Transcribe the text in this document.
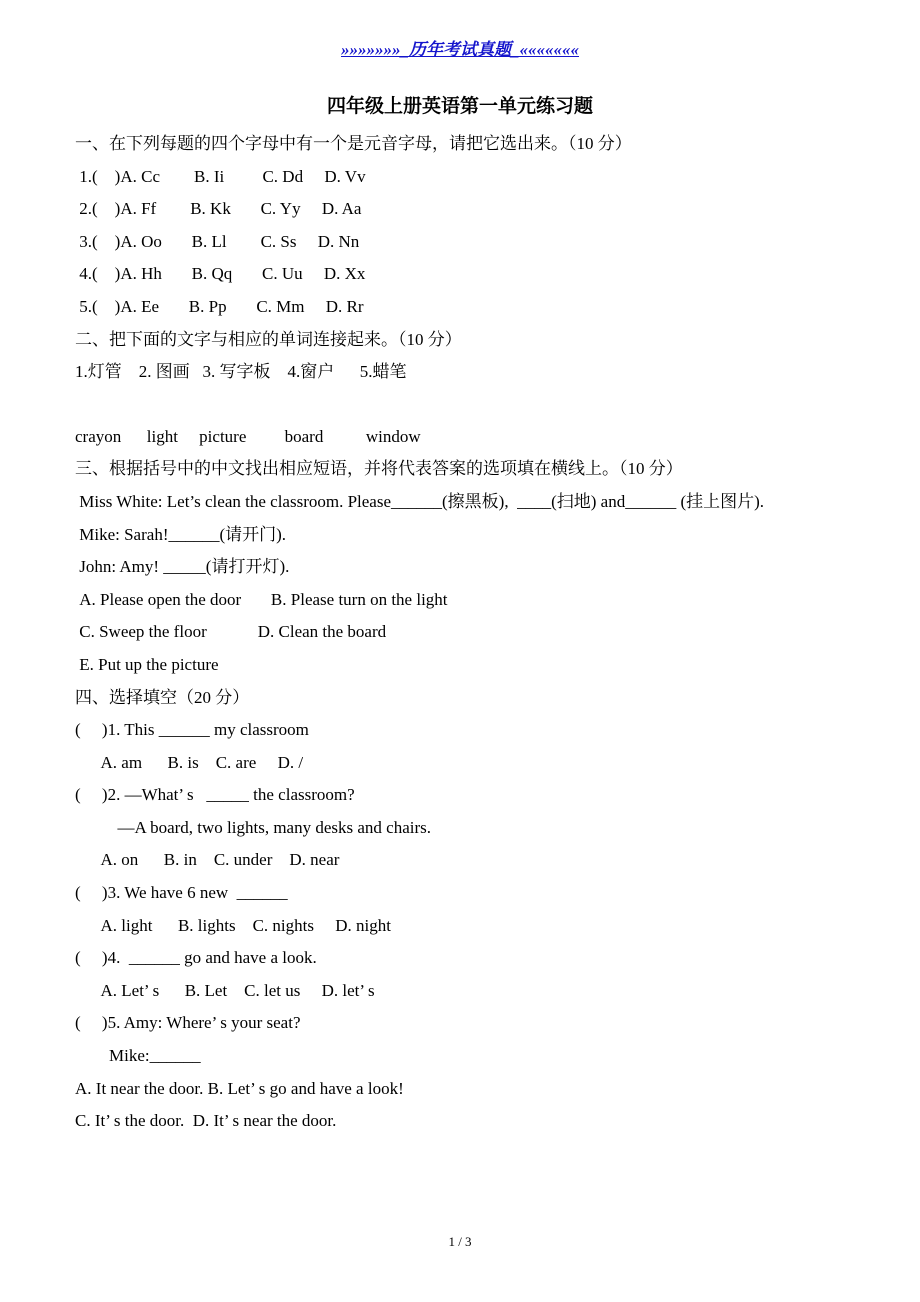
»»»»»»»_历年考试真题_«««««««
四年级上册英语第一单元练习题

一、在下列每题的四个字母中有一个是元音字母，请把它选出来。（10 分）

1.(    )A. Cc        B. Ii         C. Dd     D. Vv

2.(    )A. Ff        B. Kk       C. Yy     D. Aa

3.(    )A. Oo       B. Ll        C. Ss     D. Nn

4.(    )A. Hh       B. Qq       C. Uu     D. Xx

5.(    )A. Ee       B. Pp       C. Mm     D. Rr

二、把下面的文字与相应的单词连接起来。（10 分）

1.灯管    2. 图画   3. 写字板    4.窗户      5.蜡笔

crayon      light     picture         board          window

三、根据括号中的中文找出相应短语，并将代表答案的选项填在横线上。（10 分）

Miss White: Let’s clean the classroom. Please______(擦黑板),  ____(扫地) and______ (挂上图片).

Mike: Sarah!______(请开门).

John: Amy! _____(请打开灯).

A. Please open the door       B. Please turn on the light

C. Sweep the floor            D. Clean the board

E. Put up the picture

四、选择填空（20 分）

(     )1. This ______ my classroom

A. am      B. is    C. are     D. /

(     )2. —What’ s   _____ the classroom?

—A board, two lights, many desks and chairs.

A. on      B. in    C. under    D. near

(     )3. We have 6 new  ______

A. light      B. lights    C. nights     D. night

(     )4.  ______ go and have a look.

A. Let’ s      B. Let    C. let us     D. let’ s

(     )5. Amy: Where’ s your seat?

Mike:______

A. It near the door. B. Let’ s go and have a look!

C. It’ s the door.  D. It’ s near the door.

1 / 3
